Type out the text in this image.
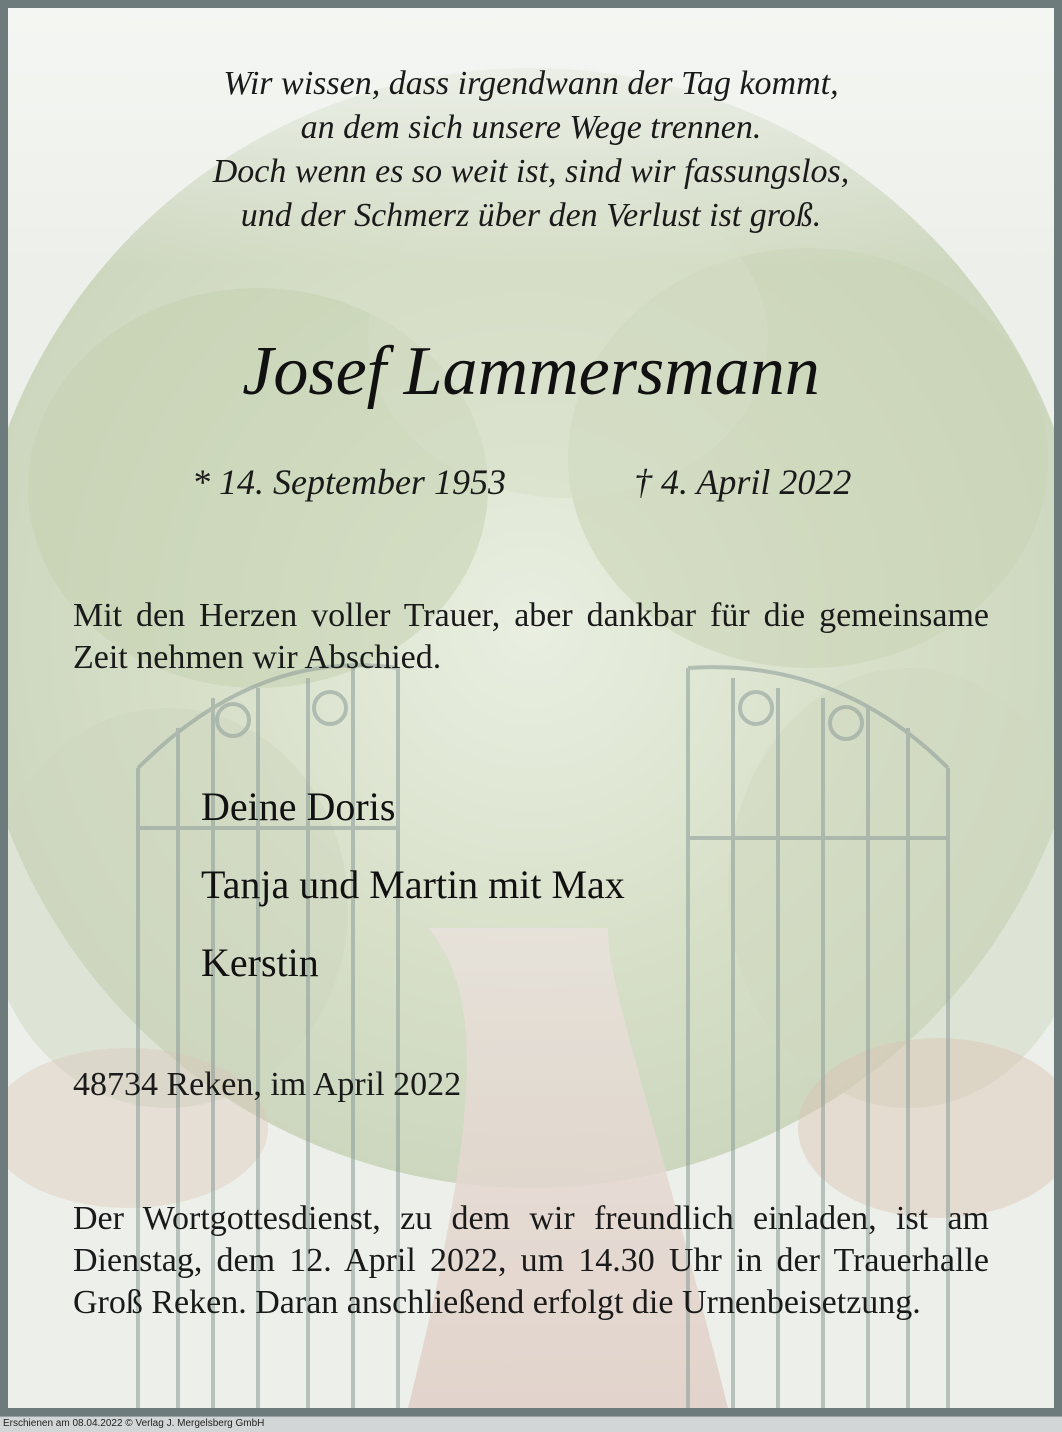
Wir wissen, dass irgendwann der Tag kommt,
an dem sich unsere Wege trennen.
Doch wenn es so weit ist, sind wir fassungslos,
und der Schmerz über den Verlust ist groß.
Josef Lammersmann
* 14. September 1953	† 4. April 2022
Mit den Herzen voller Trauer, aber dankbar für die gemeinsame Zeit nehmen wir Abschied.
Deine Doris
Tanja und Martin mit Max
Kerstin
48734 Reken, im April 2022
Der Wortgottesdienst, zu dem wir freundlich einladen, ist am Dienstag, dem 12. April 2022, um 14.30 Uhr in der Trauerhalle Groß Reken. Daran anschließend erfolgt die Urnenbeisetzung.
Erschienen am 08.04.2022 © Verlag J. Mergelsberg GmbH
